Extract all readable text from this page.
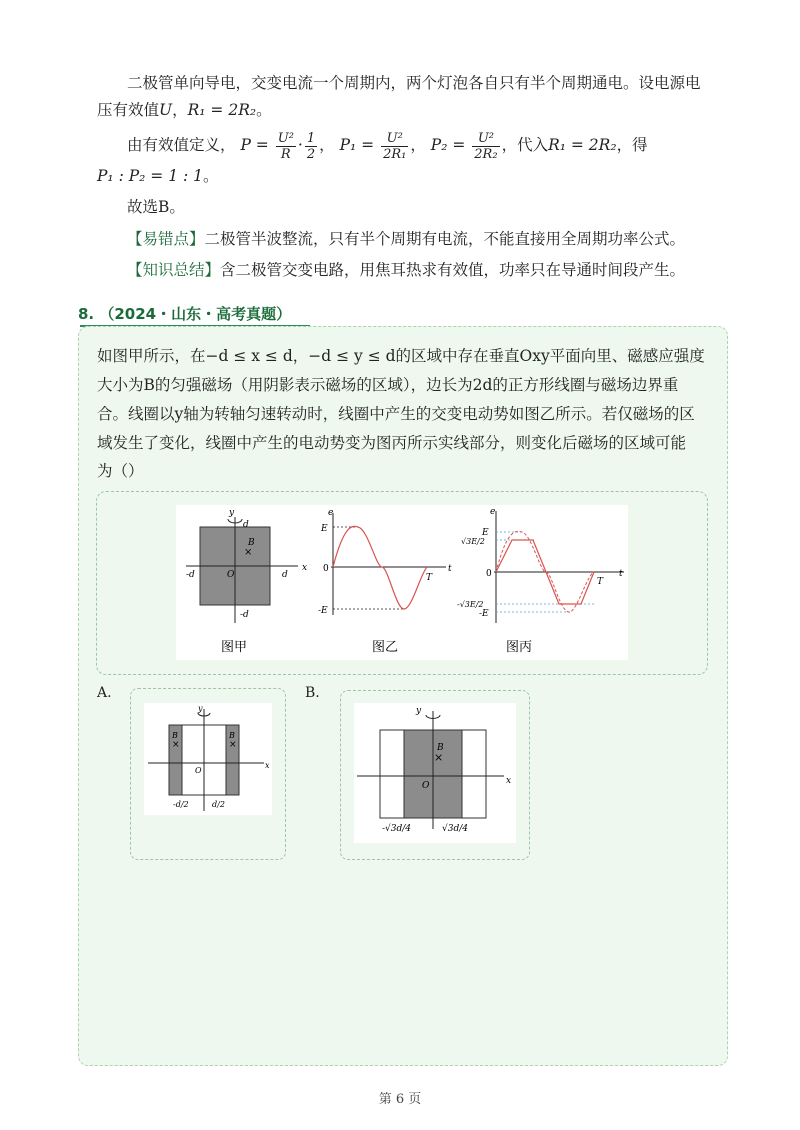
二极管单向导电，交变电流一个周期内，两个灯泡各自只有半个周期通电。设电源电
压有效值U，R₁ = 2R₂。
由有效值定义， $P = \frac{\text{U²}}{R} \cdot \frac{1}{2}$ ， $P_1 = \frac{\text{U²}}{\text{2R₁}}$ ， $P_2 = \frac{\text{U²}}{\text{2R₂}}$ ，代入R₁ = 2R₂，得
P₁ : P₂ = 1 : 1。
故选B。
【易错点】二极管半波整流，只有半个周期有电流，不能直接用全周期功率公式。
【知识总结】含二极管交变电路，用焦耳热求有效值，功率只在导通时间段产生。
8. （2024・山东・高考真题）
如图甲所示，在−d ≤ x ≤ d，−d ≤ y ≤ d的区域中存在垂直Oxy平面向里、磁感应强度
大小为B的匀强磁场（用阴影表示磁场的区域），边长为2d的正方形线圈与磁场边界重
合。线圈以y轴为转轴匀速转动时，线圈中产生的交变电动势如图乙所示。若仅磁场的区
域发生了变化，线圈中产生的电动势变为图丙所示实线部分，则变化后磁场的区域可能
为（）
y
x
d
d
-d
-d
O
B
×
图甲
e
E
-E
0
T
t
图乙
e
E
√3E/2
0
-√3E/2
-E
T
t
图丙
A.
y
x
O
B
×
B
×
-d/2	d/2
B.
y
x
O
B
×
-√3d/4	√3d/4
第 6 页
